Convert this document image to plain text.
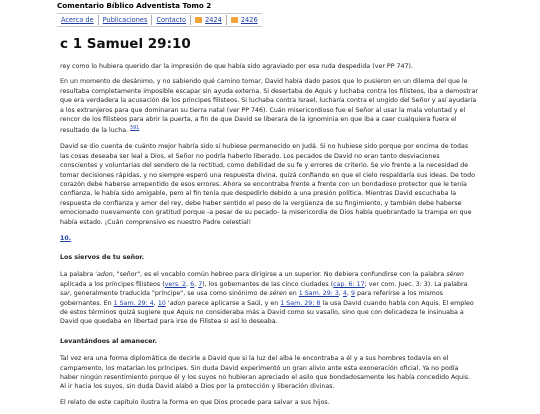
Comentario Bíblico Adventista Tomo 2
Acerca de	Publicaciones	Contacto	2424	2426
c 1 Samuel 29:10

rey como lo hubiera querido dar la impresión de que había sido agraviado por esa ruda despedida (ver PP 747).

En un momento de desánimo, y no sabiendo qué camino tomar, David había dado pasos que lo pusieron en un dilema del que le resultaba completamente imposible escapar sin ayuda externa. Si desertaba de Aquis y luchaba contra los filisteos, iba a demostrar que era verdadera la acusación de los príncipes filisteos. Si luchaba contra Israel, lucharía contra el ungido del Señor y así ayudaría a los extranjeros para que dominaran su tierra natal (ver PP 746). Cuán misericordioso fue el Señor al usar la mala voluntad y el rencor de los filisteos para abrir la puerta, a fin de que David se liberara de la ignominia en que iba a caer cualquiera fuera el resultado de la lucha. $^{591}$

David se dio cuenta de cuánto mejor habría sido si hubiese permanecido en Judá. Si no hubiese sido porque por encima de todas las cosas deseaba ser leal a Dios, el Señor no podría haberlo liberado. Los pecados de David no eran tanto desviaciones conscientes y voluntarias del sendero de la rectitud, como debilidad de su fe y errores de criterio. Se vio frente a la necesidad de tomar decisiones rápidas, y no siempre esperó una respuesta divina, quizá confiando en que el cielo respaldaría sus ideas. De todo corazón debe haberse arrepentido de esos errores. Ahora se encontraba frente a frente con un bondadoso protector que le tenía confianza, le había sido amigable, pero al fin tenía que despedirlo debido a una presión política. Mientras David escuchaba la respuesta de confianza y amor del rey, debe haber sentido el peso de la vergüenza de su fingimiento, y también debe haberse emocionado nuevamente con gratitud porque -a pesar de su pecado- la misericordia de Dios había quebrantado la trampa en que había estado. ¡Cuán comprensivo es nuestro Padre celestial!

10.

Los siervos de tu señor.

La palabra 'adon, "señor", es el vocablo común hebreo para dirigirse a un superior. No debiera confundirse con la palabra séren aplicada a los príncipes filisteos (vers. 2, 6, 7), los gobernantes de las cinco ciudades (cap. 6: 17; ver com. Juec. 3: 3). La palabra sar, generalmente traducida "príncipe", se usa como sinónimo de séren en 1 Sam. 29: 3, 4, 9 para referirse a los mismos gobernantes. En 1 Sam. 29: 4, 10 'adon parece aplicarse a Saúl, y en 1 Sam. 29: 8 la usa David cuando habla con Aquis. El empleo de estos términos quizá sugiere que Aquis no consideraba más a David como su vasallo, sino que con delicadeza le insinuaba a David que quedaba en libertad para irse de Filistea si así lo deseaba.

Levantándoos al amanecer.

Tal vez era una forma diplomática de decirle a David que si la luz del alba le encontraba a él y a sus hombres todavía en el campamento, los matarían los príncipes. Sin duda David experimentó un gran alivio ante esta exoneración oficial. Ya no podía haber ningún resentimiento porque él y los suyos no hubieran apreciado el asilo que bondadosamente les había concedido Aquis. Al ir hacia los suyos, sin duda David alabó a Dios por la protección y liberación divinas.

El relato de este capítulo ilustra la forma en que Dios procede para salvar a sus hijos.
